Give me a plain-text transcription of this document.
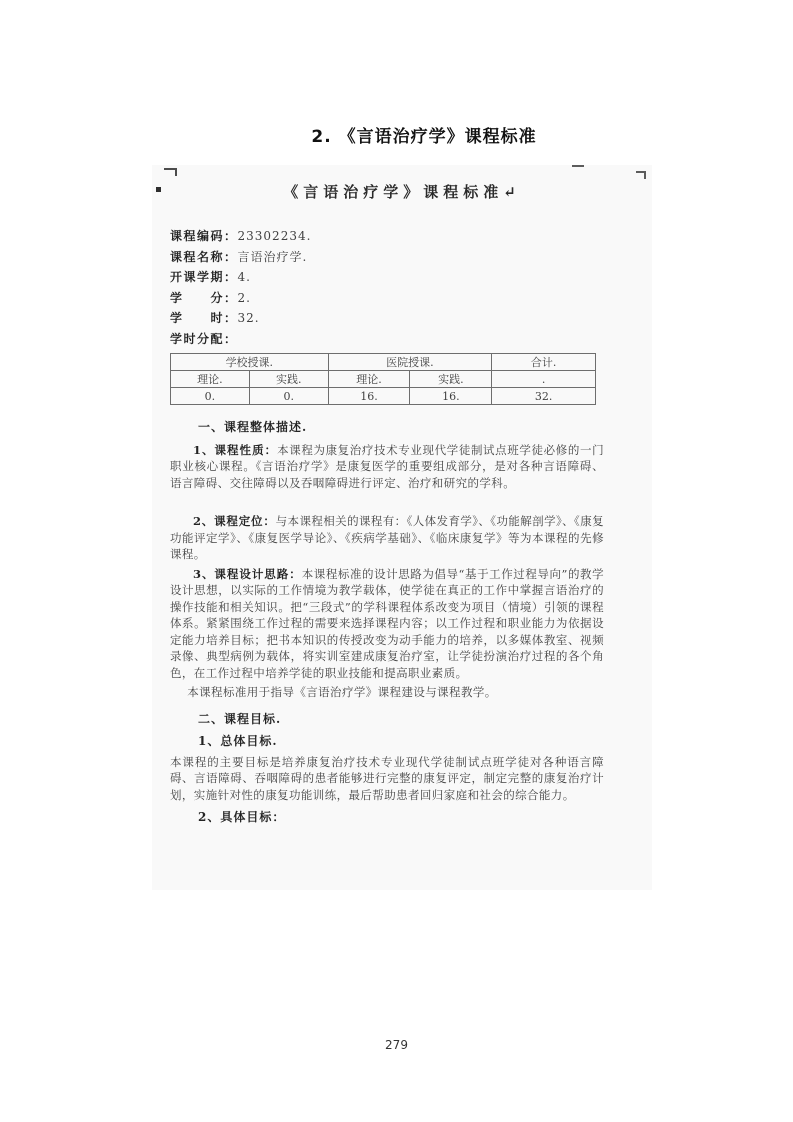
2. 《言语治疗学》课程标准
《言语治疗学》课程标准↵
课程编码：23302234.
课程名称：言语治疗学.
开课学期：4.
学　　分：2.
学　　时：32.
学时分配：
学校授课.		医院授课.		合计.
理论.	实践.	理论.	实践.	.
0.	0.	16.	16.	32.
一、课程整体描述.

1、课程性质：本课程为康复治疗技术专业现代学徒制试点班学徒必修的一门职业核心课程。《言语治疗学》是康复医学的重要组成部分，是对各种言语障碍、语言障碍、交往障碍以及吞咽障碍进行评定、治疗和研究的学科。

2、课程定位：与本课程相关的课程有：《人体发育学》、《功能解剖学》、《康复功能评定学》、《康复医学导论》、《疾病学基础》、《临床康复学》等为本课程的先修课程。

3、课程设计思路：本课程标准的设计思路为倡导“基于工作过程导向”的教学设计思想，以实际的工作情境为教学载体，使学徒在真正的工作中掌握言语治疗的操作技能和相关知识。把“三段式”的学科课程体系改变为项目（情境）引领的课程体系。紧紧围绕工作过程的需要来选择课程内容；以工作过程和职业能力为依据设定能力培养目标；把书本知识的传授改变为动手能力的培养，以多媒体教室、视频录像、典型病例为载体，将实训室建成康复治疗室，让学徒扮演治疗过程的各个角色，在工作过程中培养学徒的职业技能和提高职业素质。

本课程标准用于指导《言语治疗学》课程建设与课程教学。

二、课程目标.
1、总体目标.

本课程的主要目标是培养康复治疗技术专业现代学徒制试点班学徒对各种语言障碍、言语障碍、吞咽障碍的患者能够进行完整的康复评定，制定完整的康复治疗计划，实施针对性的康复功能训练，最后帮助患者回归家庭和社会的综合能力。

2、具体目标：
279
